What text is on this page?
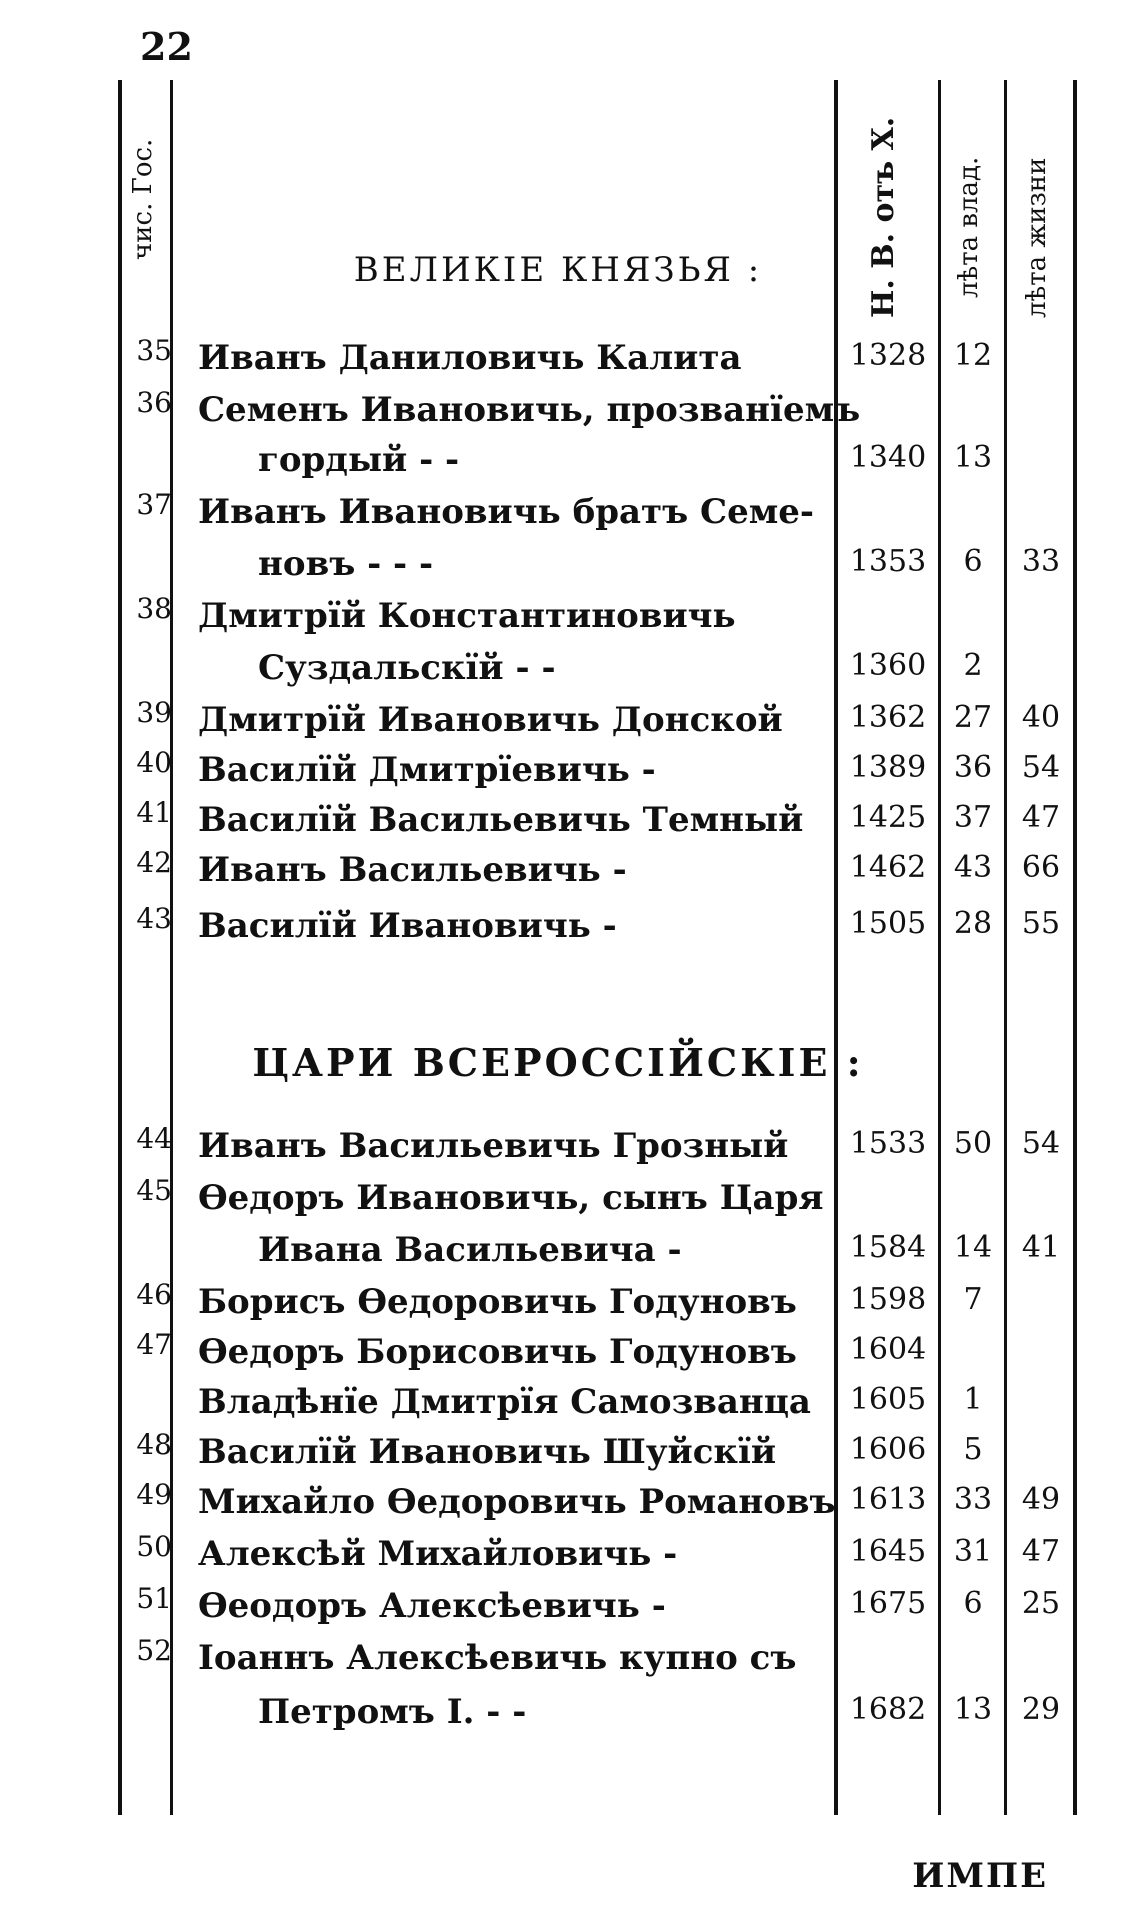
22
чис. Гос.	Н. В. отъ Х. лѣта влад. лѣта жизни
ВЕЛИКІЕ КНЯЗЬЯ :
ЦАРИ ВСЕРОССІЙСКІЕ :
35 Иванъ Даниловичь Калита	1328 12
36 Семенъ Ивановичь, прозванїемъ
гордый - -	1340 13
37 Иванъ Ивановичь братъ Семе-
новъ - - -	1353	6	33
38 Дмитрїй Константиновичь
Суздальскїй - -	1360	2
39 Дмитрїй Ивановичь Донской	1362 27 40
40 Василїй Дмитрїевичь -	1389 36 54
41 Василїй Васильевичь Темный	1425 37 47
42 Иванъ Васильевичь -	1462 43 66
43 Василїй Ивановичь -	1505 28 55
44 Иванъ Васильевичь Грозный	1533 50 54
45 Ѳедоръ Ивановичь, сынъ Царя
Ивана Васильевича -	1584 14 41
46 Борисъ Ѳедоровичь Годуновъ	1598	7
47 Ѳедоръ Борисовичь Годуновъ	1604
Владѣнїе Дмитрїя Самозванца	1605	1
48 Василїй Ивановичь Шуйскїй	1606	5
49 Михайло Ѳедоровичь Романовъ 1613 33 49
50 Алексѣй Михайловичь -	1645 31 47
51 Ѳеодоръ Алексѣевичь -	1675	6	25
52 Іоаннъ Алексѣевичь купно съ
Петромъ I. - -	1682 13 29
ИМПЕ
